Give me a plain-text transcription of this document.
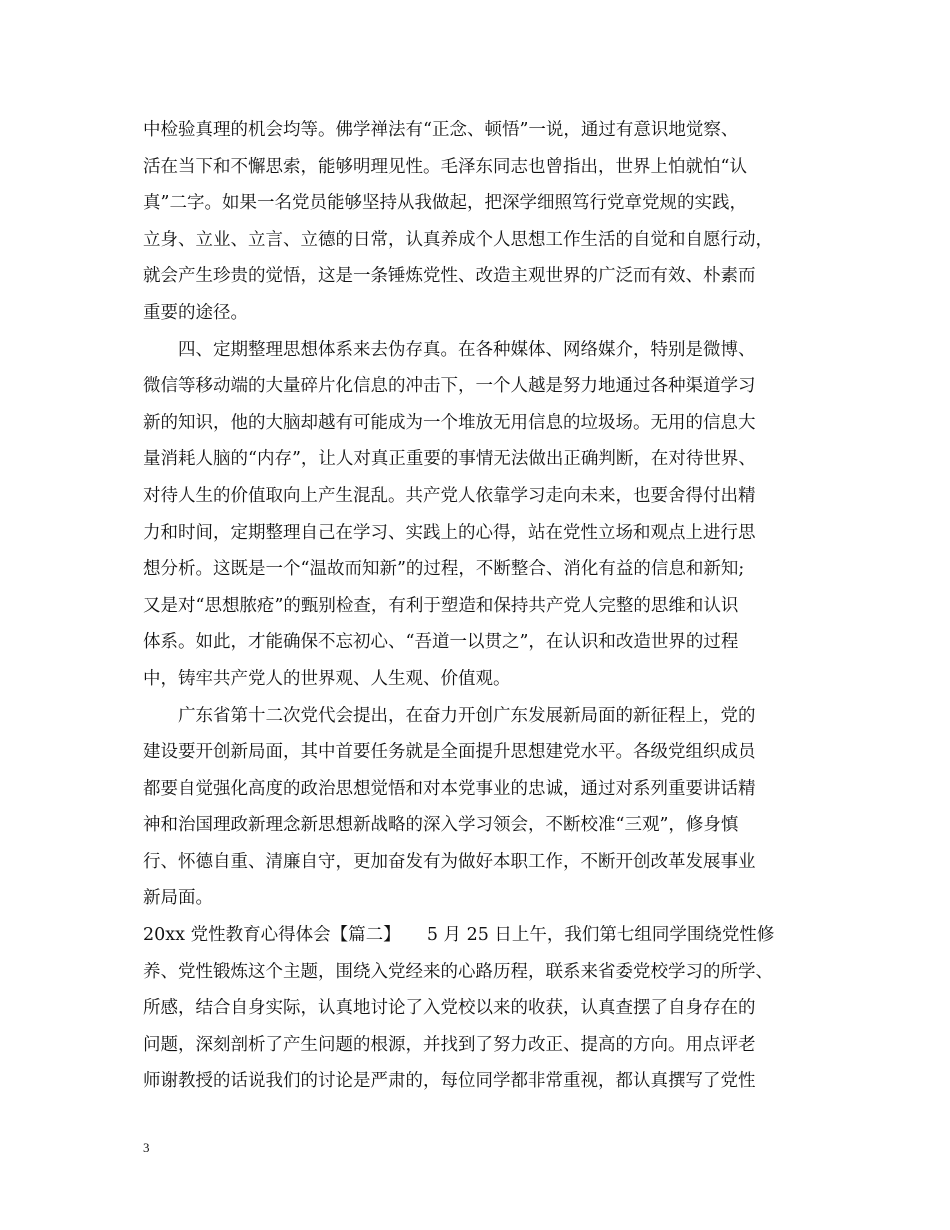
中检验真理的机会均等。佛学禅法有“正念、顿悟”一说，通过有意识地觉察、
活在当下和不懈思索，能够明理见性。毛泽东同志也曾指出，世界上怕就怕“认
真”二字。如果一名党员能够坚持从我做起，把深学细照笃行党章党规的实践，
立身、立业、立言、立德的日常，认真养成个人思想工作生活的自觉和自愿行动，
就会产生珍贵的觉悟，这是一条锤炼党性、改造主观世界的广泛而有效、朴素而
重要的途径。
　　四、定期整理思想体系来去伪存真。在各种媒体、网络媒介，特别是微博、
微信等移动端的大量碎片化信息的冲击下，一个人越是努力地通过各种渠道学习
新的知识，他的大脑却越有可能成为一个堆放无用信息的垃圾场。无用的信息大
量消耗人脑的“内存”，让人对真正重要的事情无法做出正确判断，在对待世界、
对待人生的价值取向上产生混乱。共产党人依靠学习走向未来，也要舍得付出精
力和时间，定期整理自己在学习、实践上的心得，站在党性立场和观点上进行思
想分析。这既是一个“温故而知新”的过程，不断整合、消化有益的信息和新知;
又是对“思想脓疮”的甄别检查，有利于塑造和保持共产党人完整的思维和认识
体系。如此，才能确保不忘初心、“吾道一以贯之”，在认识和改造世界的过程
中，铸牢共产党人的世界观、人生观、价值观。
　　广东省第十二次党代会提出，在奋力开创广东发展新局面的新征程上，党的
建设要开创新局面，其中首要任务就是全面提升思想建党水平。各级党组织成员
都要自觉强化高度的政治思想觉悟和对本党事业的忠诚，通过对系列重要讲话精
神和治国理政新理念新思想新战略的深入学习领会，不断校准“三观”，修身慎
行、怀德自重、清廉自守，更加奋发有为做好本职工作，不断开创改革发展事业
新局面。
20xx 党性教育心得体会【篇二】　　5 月 25 日上午，我们第七组同学围绕党性修
养、党性锻炼这个主题，围绕入党经来的心路历程，联系来省委党校学习的所学、
所感，结合自身实际，认真地讨论了入党校以来的收获，认真查摆了自身存在的
问题，深刻剖析了产生问题的根源，并找到了努力改正、提高的方向。用点评老
师谢教授的话说我们的讨论是严肃的，每位同学都非常重视，都认真撰写了党性
3
